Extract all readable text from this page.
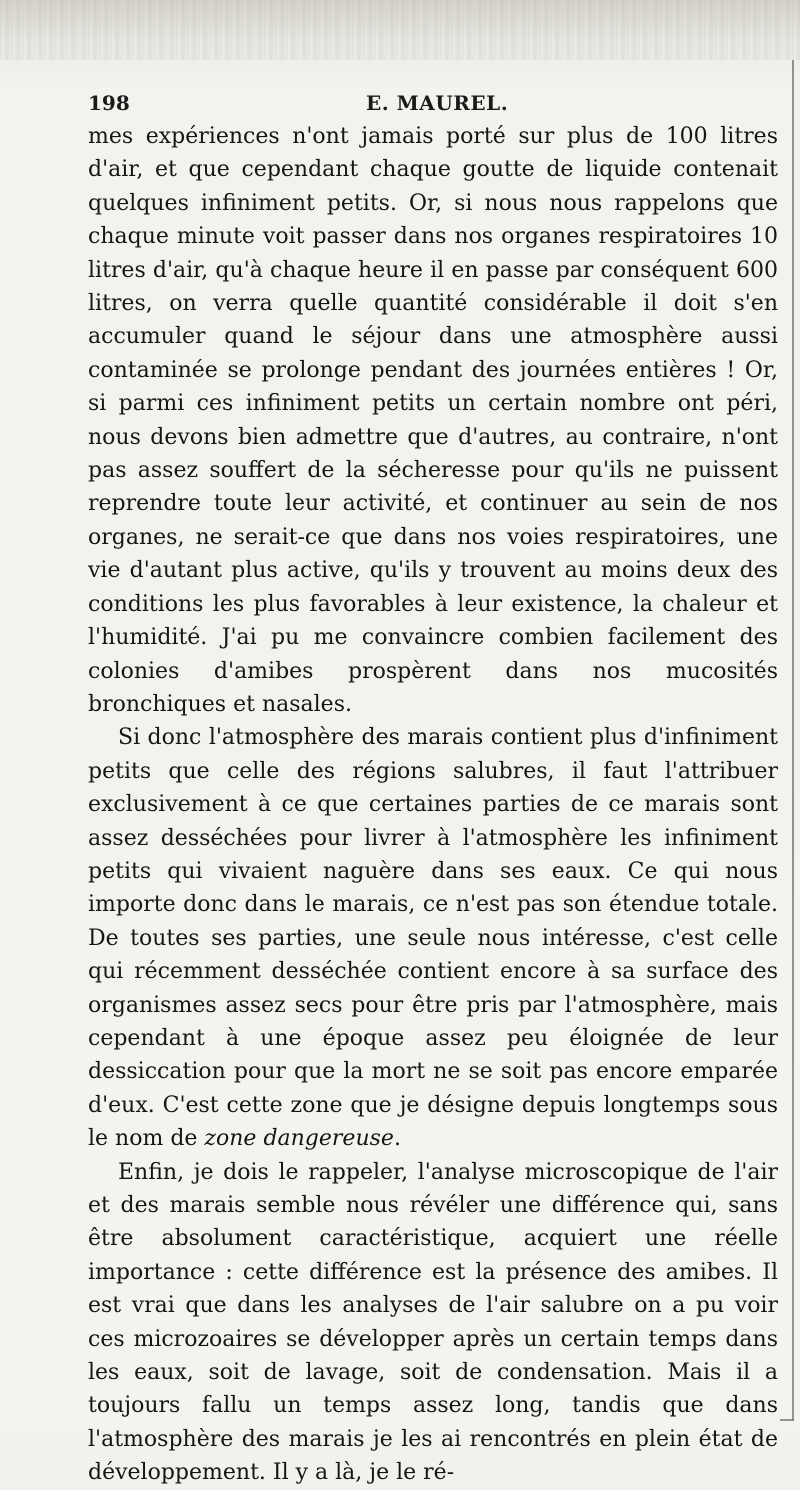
198	E. MAUREL.

mes expériences n'ont jamais porté sur plus de 100 litres d'air, et que cependant chaque goutte de liquide contenait quelques infiniment petits. Or, si nous nous rappelons que chaque minute voit passer dans nos organes respiratoires 10 litres d'air, qu'à chaque heure il en passe par conséquent 600 litres, on verra quelle quantité considérable il doit s'en accumuler quand le séjour dans une atmosphère aussi contaminée se prolonge pendant des journées entières ! Or, si parmi ces infiniment petits un certain nombre ont péri, nous devons bien admettre que d'autres, au contraire, n'ont pas assez souffert de la sécheresse pour qu'ils ne puissent reprendre toute leur activité, et continuer au sein de nos organes, ne serait-ce que dans nos voies respiratoires, une vie d'autant plus active, qu'ils y trouvent au moins deux des conditions les plus favorables à leur existence, la chaleur et l'humidité. J'ai pu me convaincre combien facilement des colonies d'amibes prospèrent dans nos mucosités bronchiques et nasales.

Si donc l'atmosphère des marais contient plus d'infiniment petits que celle des régions salubres, il faut l'attribuer exclusivement à ce que certaines parties de ce marais sont assez desséchées pour livrer à l'atmosphère les infiniment petits qui vivaient naguère dans ses eaux. Ce qui nous importe donc dans le marais, ce n'est pas son étendue totale. De toutes ses parties, une seule nous intéresse, c'est celle qui récemment desséchée contient encore à sa surface des organismes assez secs pour être pris par l'atmosphère, mais cependant à une époque assez peu éloignée de leur dessiccation pour que la mort ne se soit pas encore emparée d'eux. C'est cette zone que je désigne depuis longtemps sous le nom de zone dangereuse.

Enfin, je dois le rappeler, l'analyse microscopique de l'air et des marais semble nous révéler une différence qui, sans être absolument caractéristique, acquiert une réelle importance : cette différence est la présence des amibes. Il est vrai que dans les analyses de l'air salubre on a pu voir ces microzoaires se développer après un certain temps dans les eaux, soit de lavage, soit de condensation. Mais il a toujours fallu un temps assez long, tandis que dans l'atmosphère des marais je les ai rencontrés en plein état de développement. Il y a là, je le ré-
